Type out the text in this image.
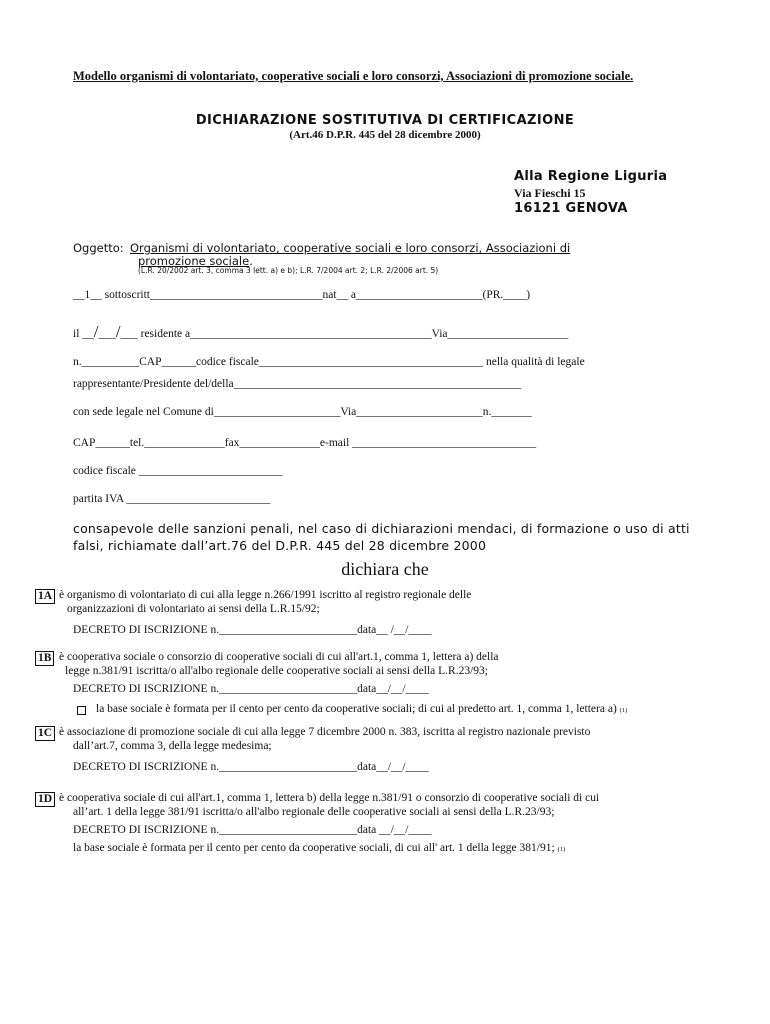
Modello organismi di volontariato, cooperative sociali e loro consorzi, Associazioni di promozione sociale.
DICHIARAZIONE SOSTITUTIVA DI CERTIFICAZIONE
(Art.46 D.P.R. 445 del 28 dicembre 2000)
Alla Regione Liguria
Via Fieschi 15
16121 GENOVA
Oggetto: Organismi di volontariato, cooperative sociali e loro consorzi, Associazioni di
promozione sociale.
(L.R. 20/2002 art. 3, comma 3 lett. a) e b); L.R. 7/2004 art. 2; L.R. 2/2006 art. 5)
__1__ sottoscritt______________________________nat__ a______________________(PR.____)
il __/___/___ residente a__________________________________________Via_____________________
n.__________CAP______codice fiscale_______________________________________ nella qualità di legale
rappresentante/Presidente del/della__________________________________________________
con sede legale nel Comune di______________________Via______________________n._______
CAP______tel.______________fax______________e-mail ________________________________
codice fiscale _________________________
partita IVA _________________________
consapevole delle sanzioni penali, nel caso di dichiarazioni mendaci, di formazione o uso di atti falsi, richiamate dall’art.76 del D.P.R. 445 del 28 dicembre 2000
dichiara che
1A è organismo di volontariato di cui alla legge n.266/1991 iscritto al registro regionale delle
organizzazioni di volontariato ai sensi della L.R.15/92;
DECRETO DI ISCRIZIONE n.________________________data__ /__/____
1B è cooperativa sociale o consorzio di cooperative sociali di cui all'art.1, comma 1, lettera a) della
legge n.381/91 iscritta/o all'albo regionale delle cooperative sociali ai sensi della L.R.23/93;
DECRETO DI ISCRIZIONE n.________________________data__/__/____
la base sociale è formata per il cento per cento da cooperative sociali; di cui al predetto art. 1, comma 1, lettera a) (1)
1C è associazione di promozione sociale di cui alla legge 7 dicembre 2000 n. 383, iscritta al registro nazionale previsto
dall’art.7, comma 3, della legge medesima;
DECRETO DI ISCRIZIONE n.________________________data__/__/____
1D è cooperativa sociale di cui all'art.1, comma 1, lettera b) della legge n.381/91 o consorzio di cooperative sociali di cui
all’art. 1 della legge 381/91 iscritta/o all'albo regionale delle cooperative sociali ai sensi della L.R.23/93;
DECRETO DI ISCRIZIONE n.________________________data __/__/____
la base sociale è formata per il cento per cento da cooperative sociali, di cui all' art. 1 della legge 381/91; (1)
